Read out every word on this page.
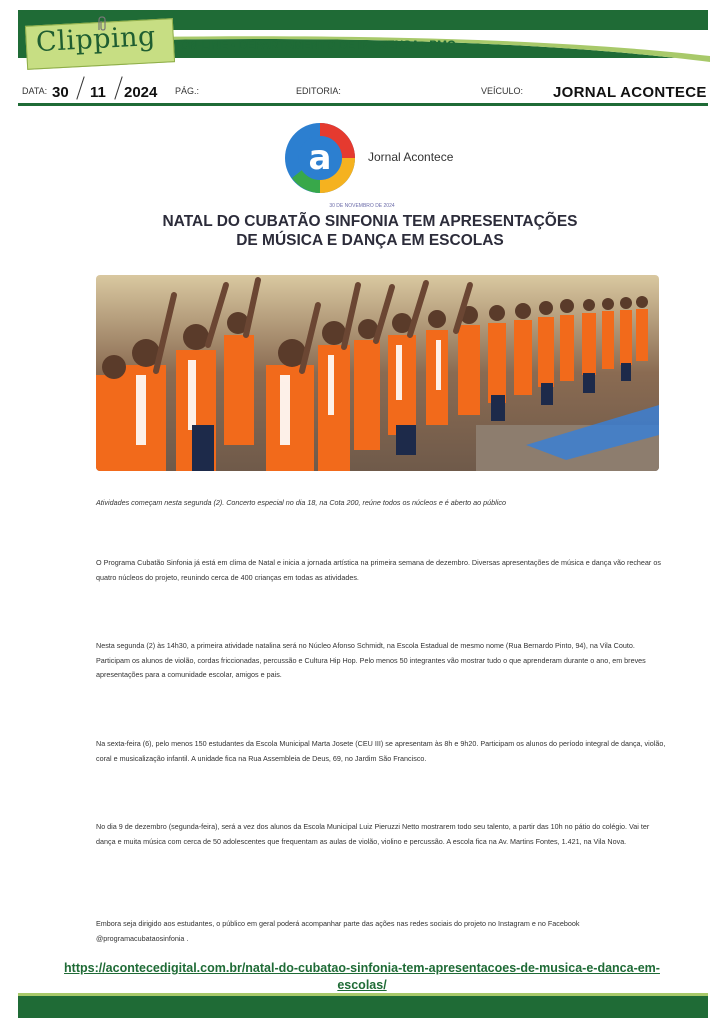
Clipping ON-LINE • DEPARTAMENTO DE IMPRENSA • PMC
DATA: 30 11 2024 PÁG.:	EDITORIA:	VEÍCULO: JORNAL ACONTECE
a	Jornal Acontece
30 DE NOVEMBRO DE 2024
NATAL DO CUBATÃO SINFONIA TEM APRESENTAÇÕES
DE MÚSICA E DANÇA EM ESCOLAS
Atividades começam nesta segunda (2). Concerto especial no dia 18, na Cota 200, reúne todos os núcleos e é aberto ao público
O Programa Cubatão Sinfonia já está em clima de Natal e inicia a jornada artística na primeira semana de dezembro. Diversas apresentações de música e dança vão rechear os quatro núcleos do projeto, reunindo cerca de 400 crianças em todas as atividades.
Nesta segunda (2) às 14h30, a primeira atividade natalina será no Núcleo Afonso Schmidt, na Escola Estadual de mesmo nome (Rua Bernardo Pinto, 94), na Vila Couto. Participam os alunos de violão, cordas friccionadas, percussão e Cultura Hip Hop. Pelo menos 50 integrantes vão mostrar tudo o que aprenderam durante o ano, em breves apresentações para a comunidade escolar, amigos e pais.
Na sexta-feira (6), pelo menos 150 estudantes da Escola Municipal Marta Josete (CEU III) se apresentam às 8h e 9h20. Participam os alunos do período integral de dança, violão, coral e musicalização infantil. A unidade fica na Rua Assembleia de Deus, 69, no Jardim São Francisco.
No dia 9 de dezembro (segunda-feira), será a vez dos alunos da Escola Municipal Luiz Pieruzzi Netto mostrarem todo seu talento, a partir das 10h no pátio do colégio. Vai ter dança e muita música com cerca de 50 adolescentes que frequentam as aulas de violão, violino e percussão. A escola fica na Av. Martins Fontes, 1.421, na Vila Nova.
Embora seja dirigido aos estudantes, o público em geral poderá acompanhar parte das ações nas redes sociais do projeto no Instagram e no Facebook @programacubataosinfonia .
https://acontecedigital.com.br/natal-do-cubatao-sinfonia-tem-apresentacoes-de-musica-e-danca-em-escolas/
